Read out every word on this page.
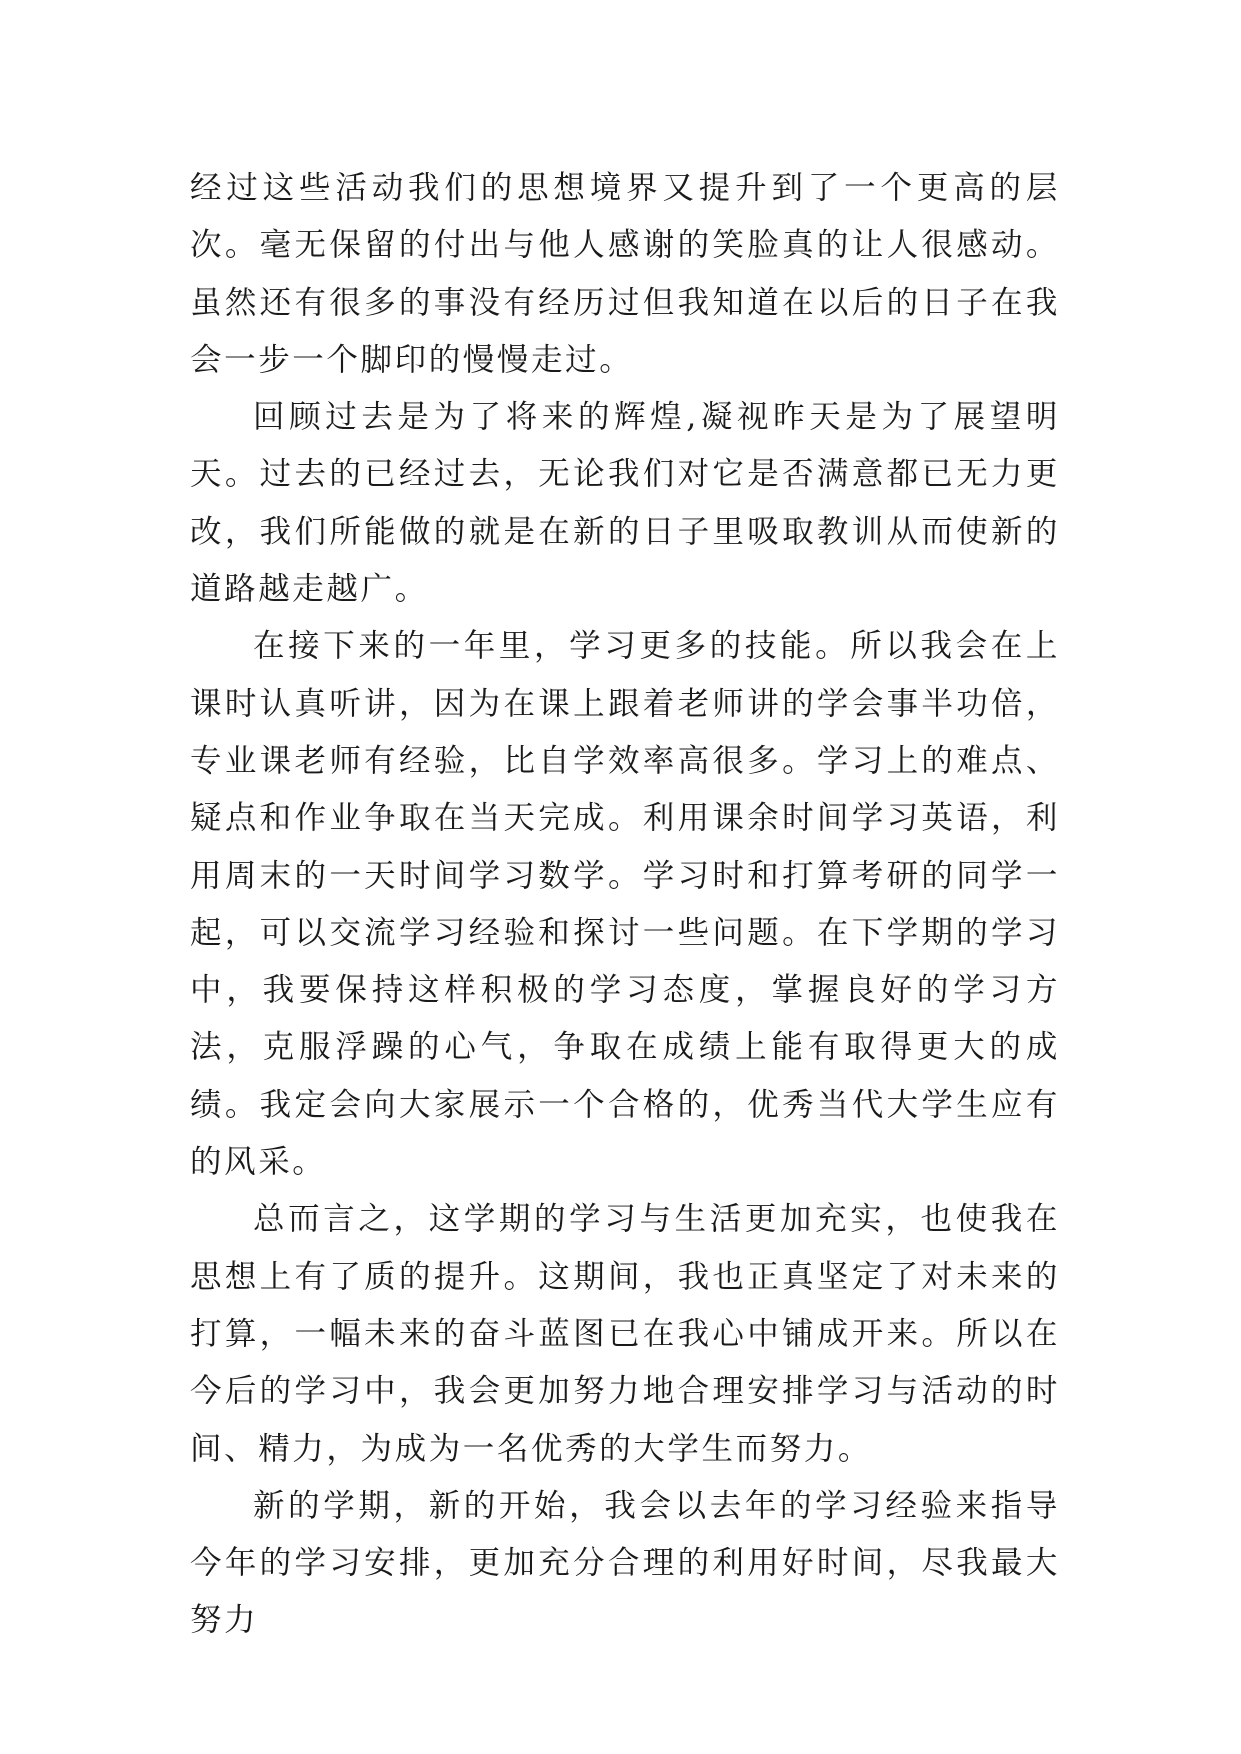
经过这些活动我们的思想境界又提升到了一个更高的层次。毫无保留的付出与他人感谢的笑脸真的让人很感动。虽然还有很多的事没有经历过但我知道在以后的日子在我会一步一个脚印的慢慢走过。

回顾过去是为了将来的辉煌,凝视昨天是为了展望明天。过去的已经过去，无论我们对它是否满意都已无力更改，我们所能做的就是在新的日子里吸取教训从而使新的道路越走越广。

在接下来的一年里，学习更多的技能。所以我会在上课时认真听讲，因为在课上跟着老师讲的学会事半功倍，专业课老师有经验，比自学效率高很多。学习上的难点、疑点和作业争取在当天完成。利用课余时间学习英语，利用周末的一天时间学习数学。学习时和打算考研的同学一起，可以交流学习经验和探讨一些问题。在下学期的学习中，我要保持这样积极的学习态度，掌握良好的学习方法，克服浮躁的心气，争取在成绩上能有取得更大的成绩。我定会向大家展示一个合格的，优秀当代大学生应有的风采。

总而言之，这学期的学习与生活更加充实，也使我在思想上有了质的提升。这期间，我也正真坚定了对未来的打算，一幅未来的奋斗蓝图已在我心中铺成开来。所以在今后的学习中，我会更加努力地合理安排学习与活动的时间、精力，为成为一名优秀的大学生而努力。

新的学期，新的开始，我会以去年的学习经验来指导今年的学习安排，更加充分合理的利用好时间，尽我最大努力
